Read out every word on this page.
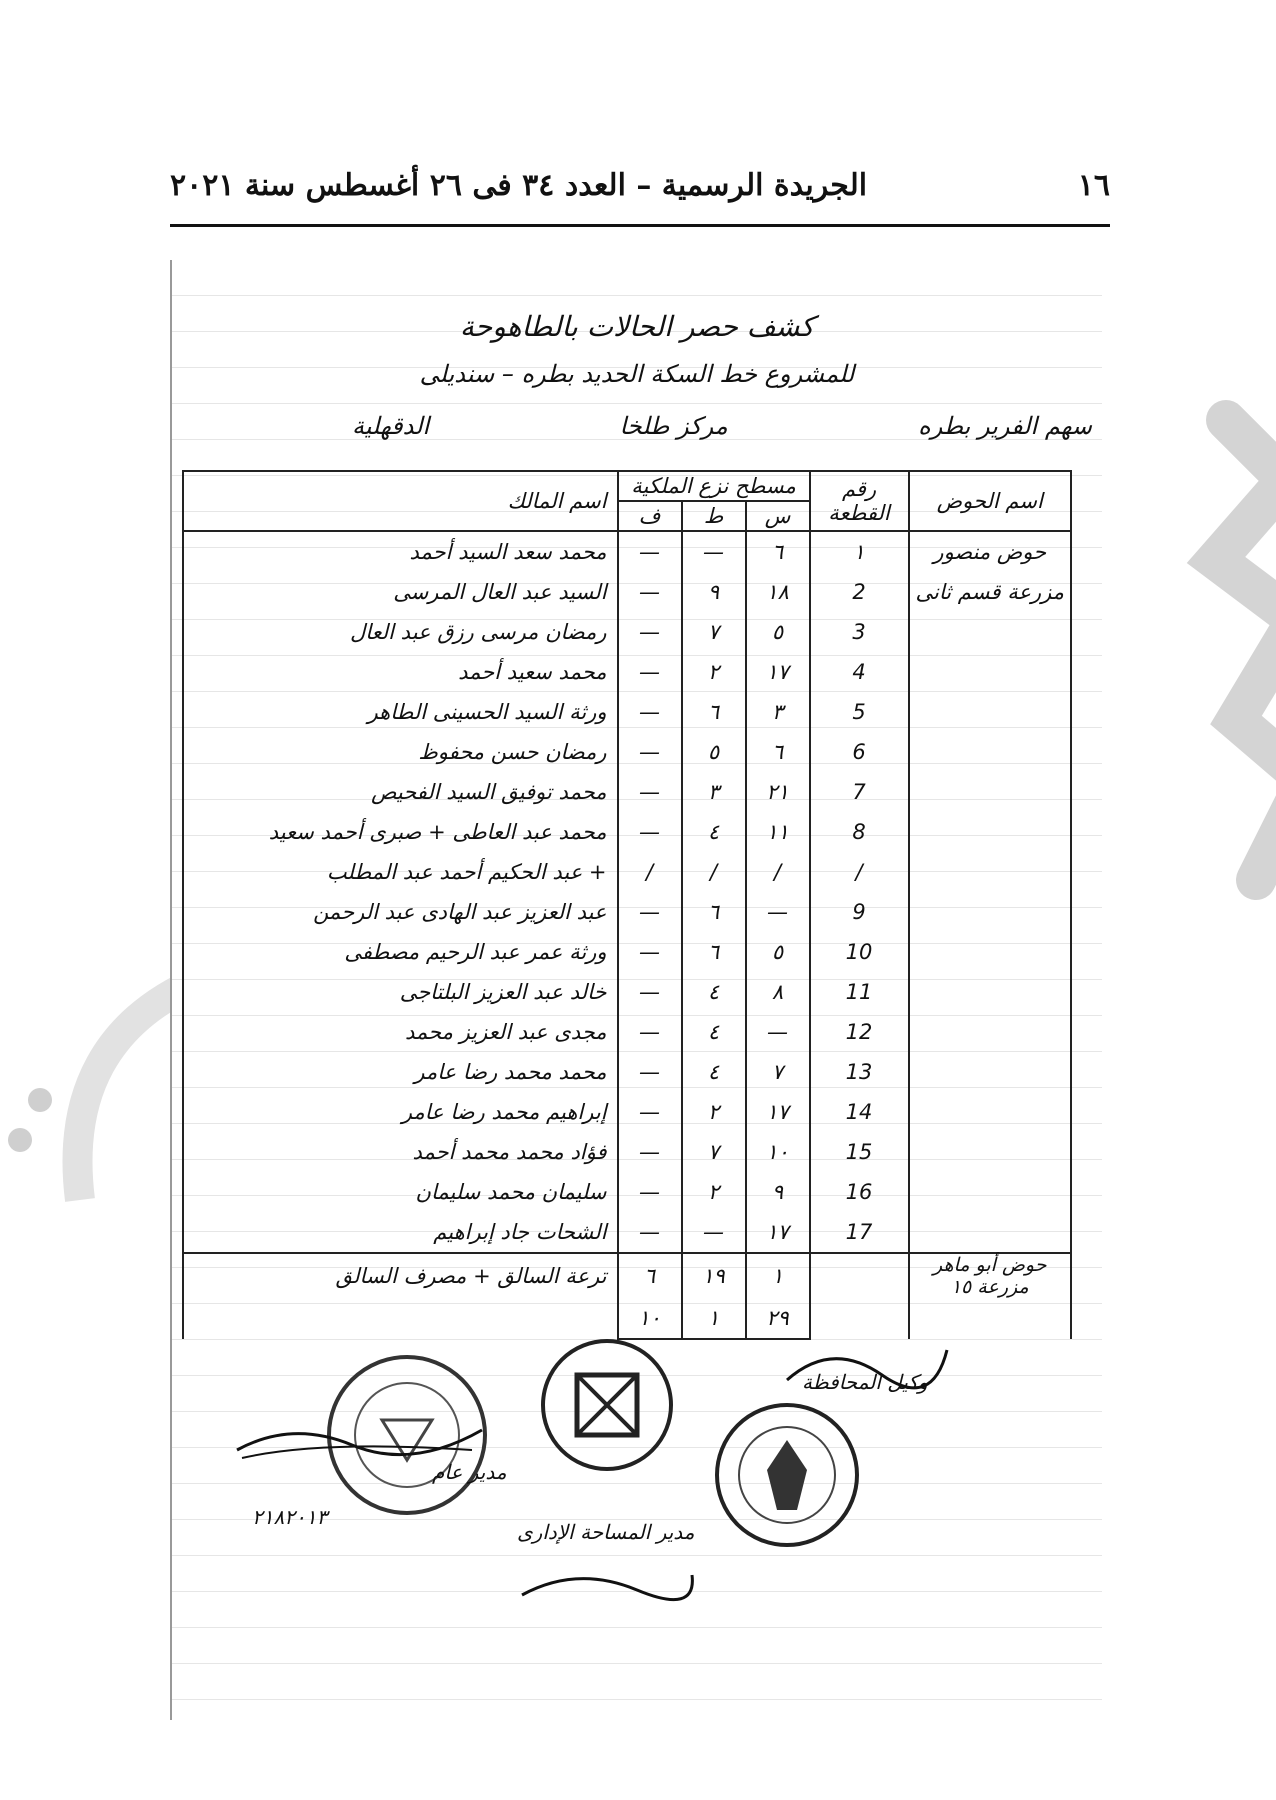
١٦
الجريدة الرسمية – العدد ٣٤ فى ٢٦ أغسطس سنة ٢٠٢١
كشف حصر الحالات بالطاهوحة
للمشروع خط السكة الحديد بطره – سنديلى
سهم الفرير بطره
مركز طلخا
الدقهلية
اسم الحوض	رقم القطعة	مسطح نزع الملكية			اسم المالك
		س	ط	ف	
حوض منصور	١	٦	—	—	محمد سعد السيد أحمد
مزرعة قسم ثانى	2	١٨	٩	—	السيد عبد العال المرسى
	3	٥	٧	—	رمضان مرسى رزق عبد العال
	4	١٧	٢	—	محمد سعيد أحمد
	5	٣	٦	—	ورثة السيد الحسينى الطاهر
	6	٦	٥	—	رمضان حسن محفوظ
	7	٢١	٣	—	محمد توفيق السيد الفحيص
	8	١١	٤	—	محمد عبد العاطى + صبرى أحمد سعيد
	/	/	/	/	+ عبد الحكيم أحمد عبد المطلب
	9	—	٦	—	عبد العزيز عبد الهادى عبد الرحمن
	10	٥	٦	—	ورثة عمر عبد الرحيم مصطفى
	11	٨	٤	—	خالد عبد العزيز البلتاجى
	12	—	٤	—	مجدى عبد العزيز محمد
	13	٧	٤	—	محمد محمد رضا عامر
	14	١٧	٢	—	إبراهيم محمد رضا عامر
	15	١٠	٧	—	فؤاد محمد محمد أحمد
	16	٩	٢	—	سليمان محمد سليمان
	17	١٧	—	—	الشحات جاد إبراهيم
حوض أبو ماهر مزرعة ١٥		١	١٩	٦	ترعة السالق + مصرف السالق
		٢٩	١	١٠	
مدير عام
٢١٨٢٠١٣
مدير المساحة الإدارى
وكيل المحافظة
